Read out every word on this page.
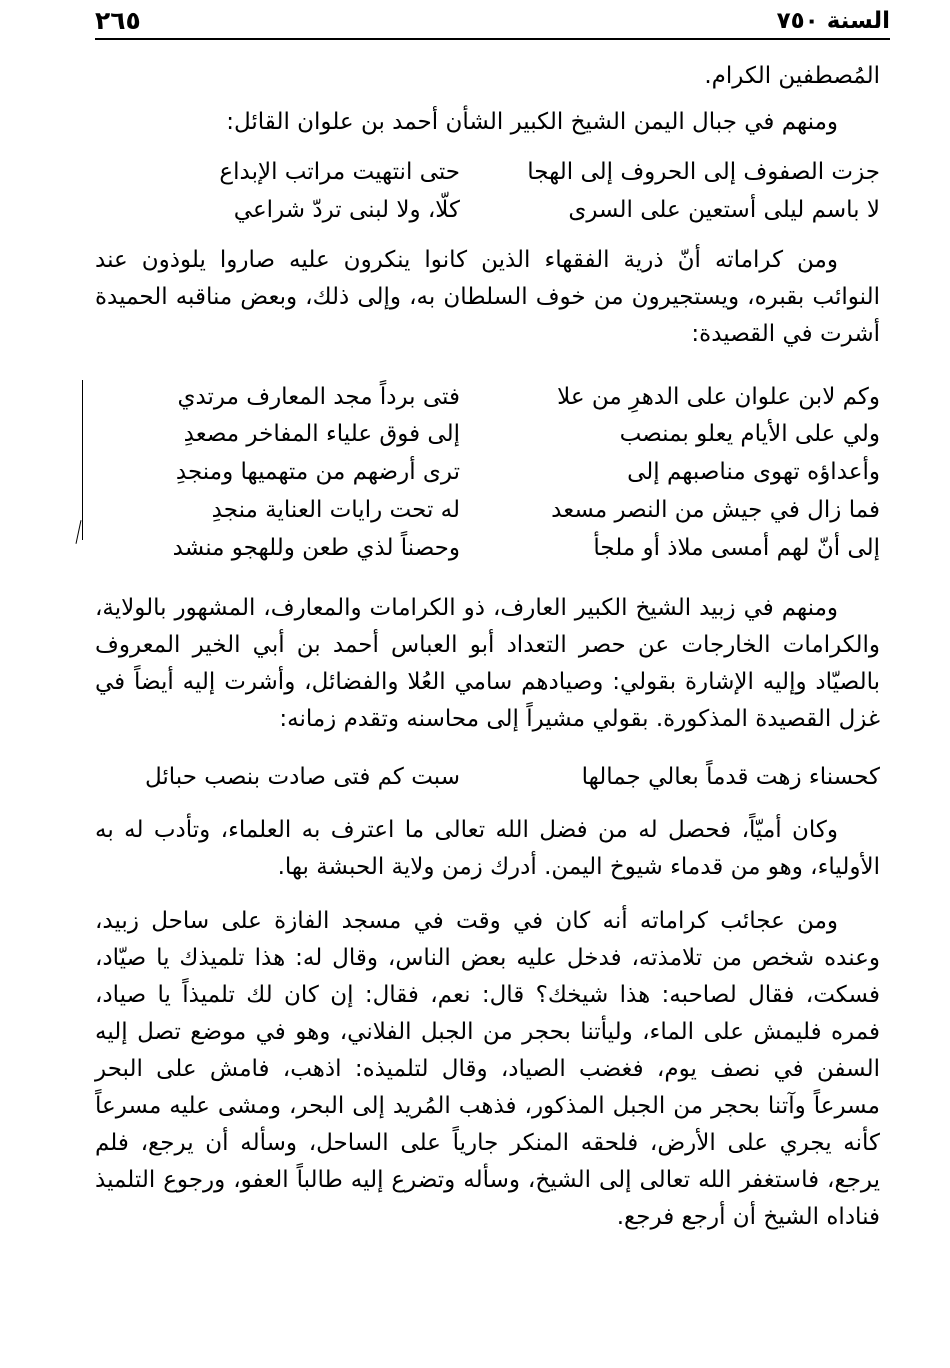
السنة ٧٥٠
٢٦٥

المُصطفين الكرام.

ومنهم في جبال اليمن الشيخ الكبير الشأن أحمد بن علوان القائل:

جزت الصفوف إلى الحروف إلى الهجا
حتى انتهيت مراتب الإبداع
لا باسم ليلى أستعين على السرى
كلّا، ولا لبنى تردّ شراعي

ومن كراماته أنّ ذرية الفقهاء الذين كانوا ينكرون عليه صاروا يلوذون عند النوائب بقبره، ويستجيرون من خوف السلطان به، وإلى ذلك، وبعض مناقبه الحميدة أشرت في القصيدة:

وكم لابن علوان على الدهرِ من علا
فتى برداً مجد المعارف مرتدي
ولي على الأيام يعلو بمنصب
إلى فوق علياء المفاخر مصعدِ
وأعداؤه تهوى مناصبهم إلى
ترى أرضهم من متهميها ومنجدِ
فما زال في جيش من النصر مسعد
له تحت رايات العناية منجدِ
إلى أنّ لهم أمسى ملاذ أو ملجأ
وحصناً لذي طعن وللهجو منشد

ومنهم في زبيد الشيخ الكبير العارف، ذو الكرامات والمعارف، المشهور بالولاية، والكرامات الخارجات عن حصر التعداد أبو العباس أحمد بن أبي الخير المعروف بالصيّاد وإليه الإشارة بقولي: وصيادهم سامي العُلا والفضائل، وأشرت إليه أيضاً في غزل القصيدة المذكورة. بقولي مشيراً إلى محاسنه وتقدم زمانه:

كحسناء زهت قدماً بعالي جمالها
سبت كم فتى صادت بنصب حبائل

وكان أميّاً، فحصل له من فضل الله تعالى ما اعترف به العلماء، وتأدب له به الأولياء، وهو من قدماء شيوخ اليمن. أدرك زمن ولاية الحبشة بها.

ومن عجائب كراماته أنه كان في وقت في مسجد الفازة على ساحل زبيد، وعنده شخص من تلامذته، فدخل عليه بعض الناس، وقال له: هذا تلميذك يا صيّاد، فسكت، فقال لصاحبه: هذا شيخك؟ قال: نعم، فقال: إن كان لك تلميذاً يا صياد، فمره فليمش على الماء، وليأتنا بحجر من الجبل الفلاني، وهو في موضع تصل إليه السفن في نصف يوم، فغضب الصياد، وقال لتلميذه: اذهب، فامش على البحر مسرعاً وآتنا بحجر من الجبل المذكور، فذهب المُريد إلى البحر، ومشى عليه مسرعاً كأنه يجري على الأرض، فلحقه المنكر جارياً على الساحل، وسأله أن يرجع، فلم يرجع، فاستغفر الله تعالى إلى الشيخ، وسأله وتضرع إليه طالباً العفو، ورجوع التلميذ فناداه الشيخ أن أرجع فرجع.
